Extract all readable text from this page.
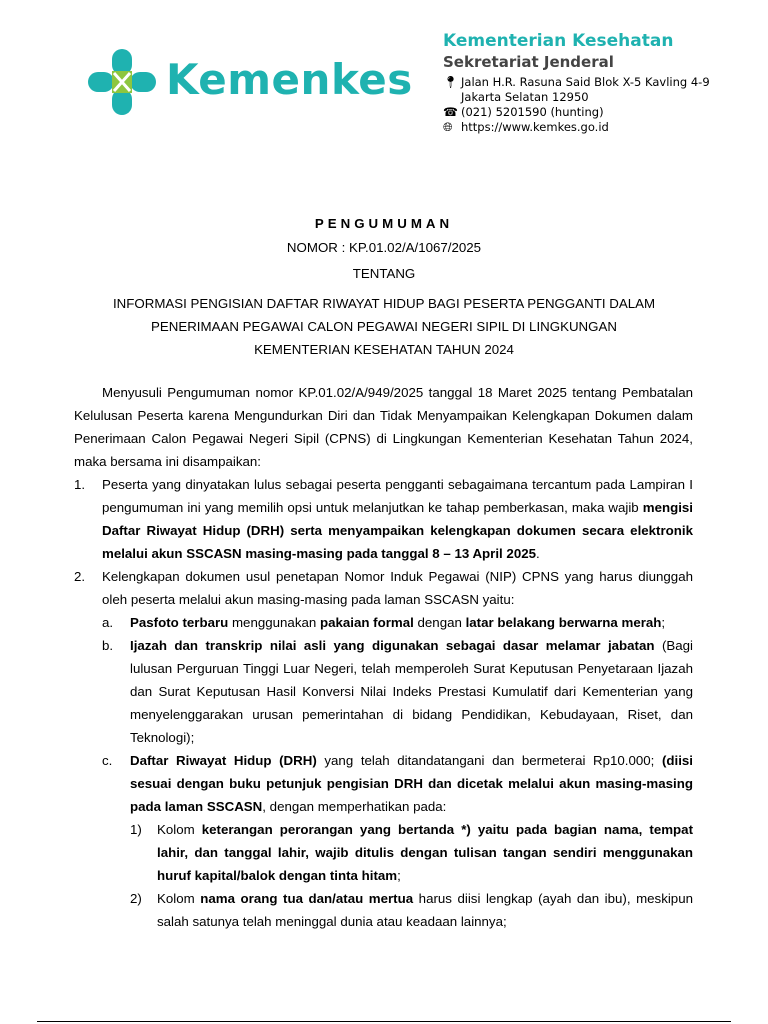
Kemenkes
Kementerian Kesehatan
Sekretariat Jenderal
📍︎ Jalan H.R. Rasuna Said Blok X-5 Kavling 4-9
Jakarta Selatan 12950
☎ (021) 5201590 (hunting)
🌐︎ https://www.kemkes.go.id
PENGUMUMAN
NOMOR : KP.01.02/A/1067/2025
TENTANG
INFORMASI PENGISIAN DAFTAR RIWAYAT HIDUP BAGI PESERTA PENGGANTI DALAM
PENERIMAAN PEGAWAI CALON PEGAWAI NEGERI SIPIL DI LINGKUNGAN
KEMENTERIAN KESEHATAN TAHUN 2024

Menyusuli Pengumuman nomor KP.01.02/A/949/2025 tanggal 18 Maret 2025 tentang Pembatalan Kelulusan Peserta karena Mengundurkan Diri dan Tidak Menyampaikan Kelengkapan Dokumen dalam Penerimaan Calon Pegawai Negeri Sipil (CPNS) di Lingkungan Kementerian Kesehatan Tahun 2024, maka bersama ini disampaikan:

1. Peserta yang dinyatakan lulus sebagai peserta pengganti sebagaimana tercantum pada Lampiran I pengumuman ini yang memilih opsi untuk melanjutkan ke tahap pemberkasan, maka wajib mengisi Daftar Riwayat Hidup (DRH) serta menyampaikan kelengkapan dokumen secara elektronik melalui akun SSCASN masing-masing pada tanggal 8 – 13 April 2025.
2. Kelengkapan dokumen usul penetapan Nomor Induk Pegawai (NIP) CPNS yang harus diunggah oleh peserta melalui akun masing-masing pada laman SSCASN yaitu:
a. Pasfoto terbaru menggunakan pakaian formal dengan latar belakang berwarna merah;
b. Ijazah dan transkrip nilai asli yang digunakan sebagai dasar melamar jabatan (Bagi lulusan Perguruan Tinggi Luar Negeri, telah memperoleh Surat Keputusan Penyetaraan Ijazah dan Surat Keputusan Hasil Konversi Nilai Indeks Prestasi Kumulatif dari Kementerian yang menyelenggarakan urusan pemerintahan di bidang Pendidikan, Kebudayaan, Riset, dan Teknologi);
c. Daftar Riwayat Hidup (DRH) yang telah ditandatangani dan bermeterai Rp10.000; (diisi sesuai dengan buku petunjuk pengisian DRH dan dicetak melalui akun masing-masing pada laman SSCASN, dengan memperhatikan pada:
1) Kolom keterangan perorangan yang bertanda *) yaitu pada bagian nama, tempat lahir, dan tanggal lahir, wajib ditulis dengan tulisan tangan sendiri menggunakan huruf kapital/balok dengan tinta hitam;
2) Kolom nama orang tua dan/atau mertua harus diisi lengkap (ayah dan ibu), meskipun salah satunya telah meninggal dunia atau keadaan lainnya;
